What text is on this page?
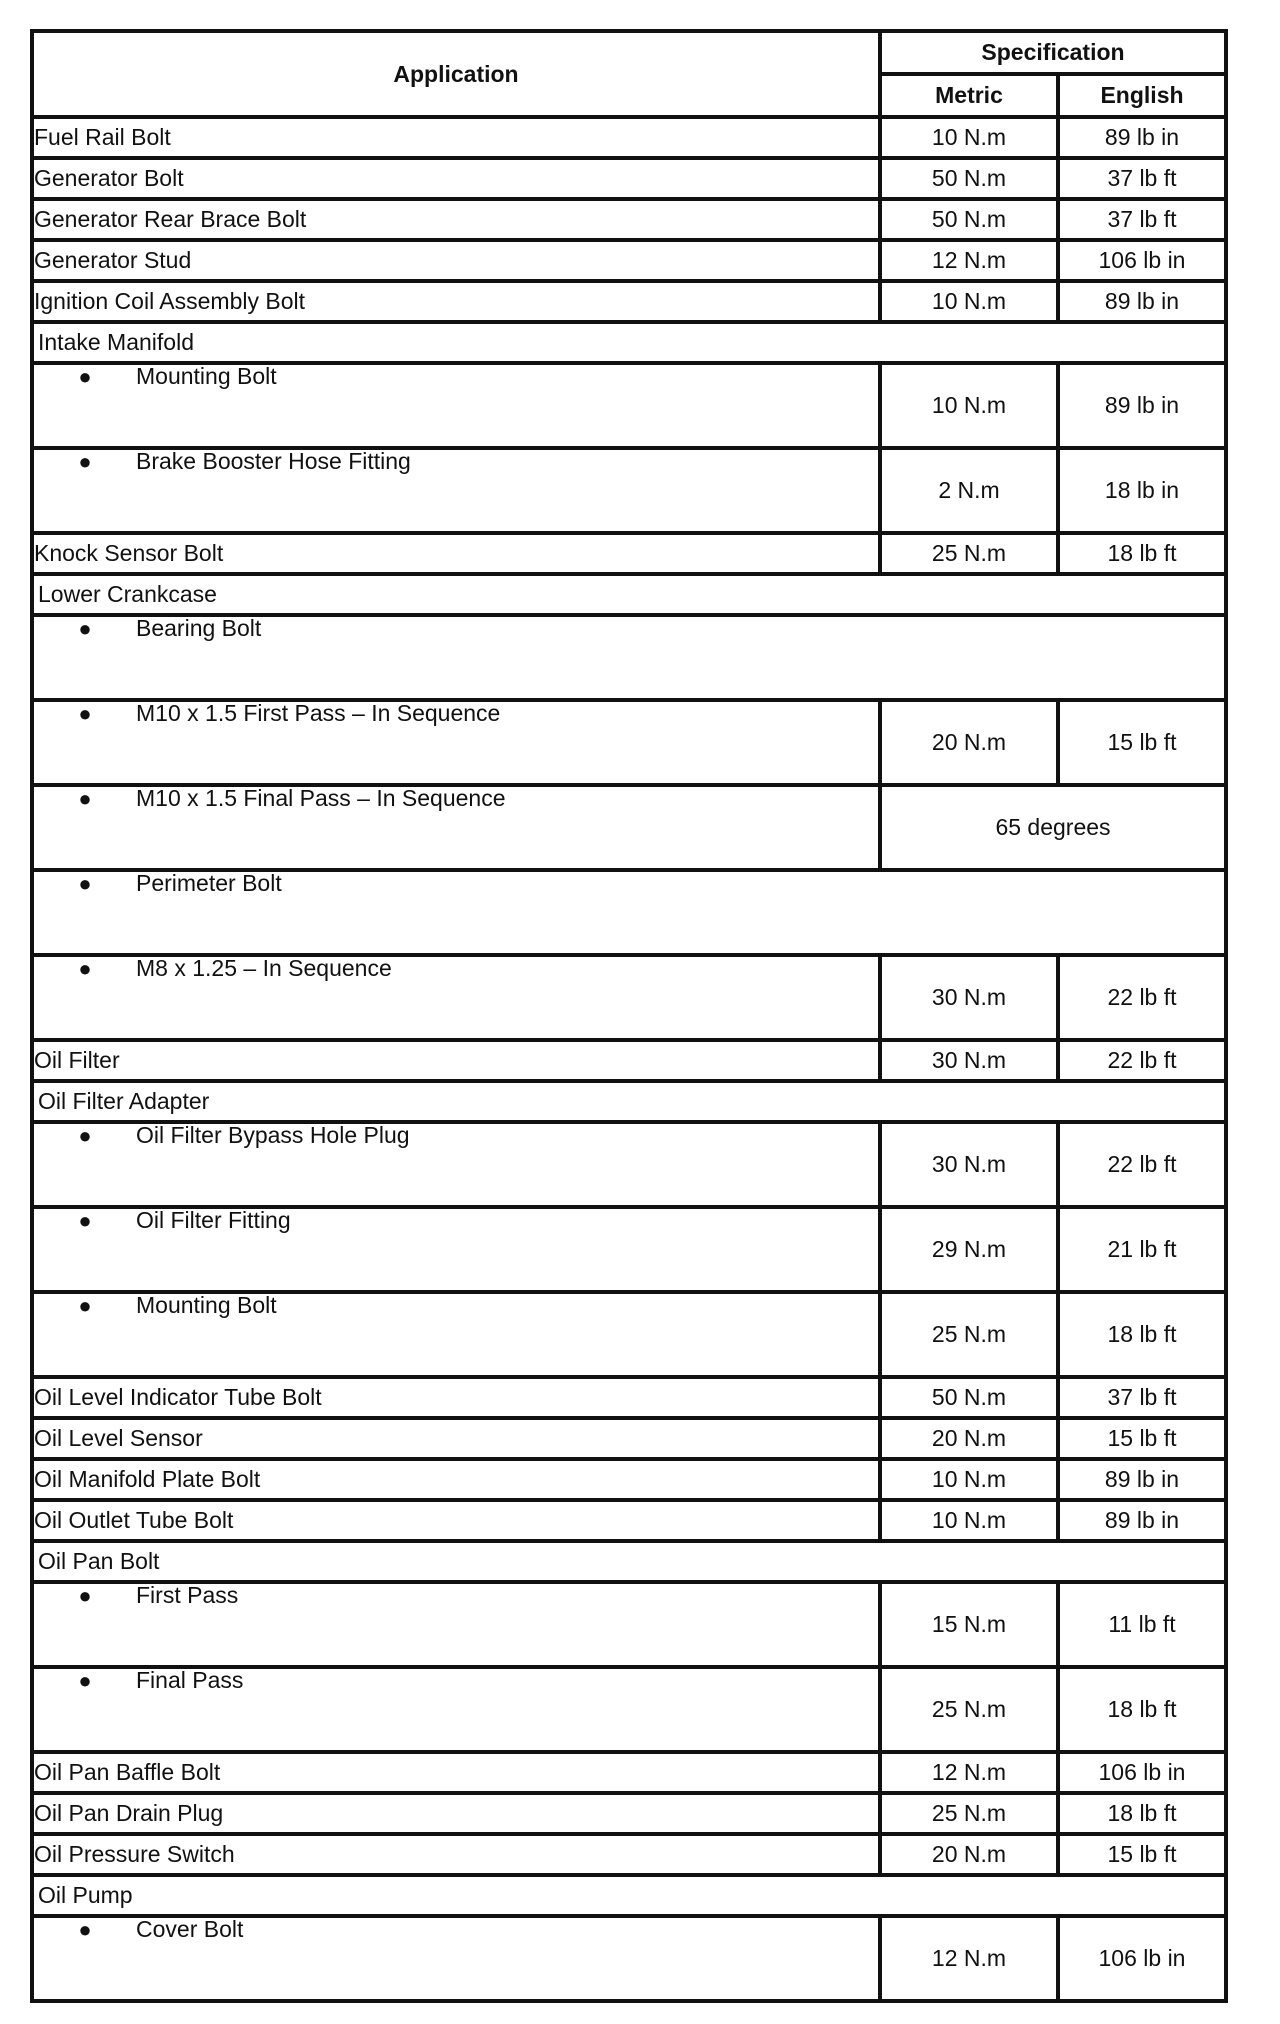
Application	Specification	
	Metric	English
Fuel Rail Bolt	10 N.m	89 lb in
Generator Bolt	50 N.m	37 lb ft
Generator Rear Brace Bolt	50 N.m	37 lb ft
Generator Stud	12 N.m	106 lb in
Ignition Coil Assembly Bolt	10 N.m	89 lb in
Intake Manifold		

● Mounting Bolt	10 N.m	89 lb in

● Brake Booster Hose Fitting	2 N.m	18 lb in
Knock Sensor Bolt	25 N.m	18 lb ft
Lower Crankcase		

● Bearing Bolt		

● M10 x 1.5 First Pass – In Sequence	20 N.m	15 lb ft

● M10 x 1.5 Final Pass – In Sequence	65 degrees	

● Perimeter Bolt		

● M8 x 1.25 – In Sequence	30 N.m	22 lb ft
Oil Filter	30 N.m	22 lb ft
Oil Filter Adapter		

● Oil Filter Bypass Hole Plug	30 N.m	22 lb ft

● Oil Filter Fitting	29 N.m	21 lb ft

● Mounting Bolt	25 N.m	18 lb ft
Oil Level Indicator Tube Bolt	50 N.m	37 lb ft
Oil Level Sensor	20 N.m	15 lb ft
Oil Manifold Plate Bolt	10 N.m	89 lb in
Oil Outlet Tube Bolt	10 N.m	89 lb in
Oil Pan Bolt		

● First Pass	15 N.m	11 lb ft

● Final Pass	25 N.m	18 lb ft
Oil Pan Baffle Bolt	12 N.m	106 lb in
Oil Pan Drain Plug	25 N.m	18 lb ft
Oil Pressure Switch	20 N.m	15 lb ft
Oil Pump		

● Cover Bolt	12 N.m	106 lb in
